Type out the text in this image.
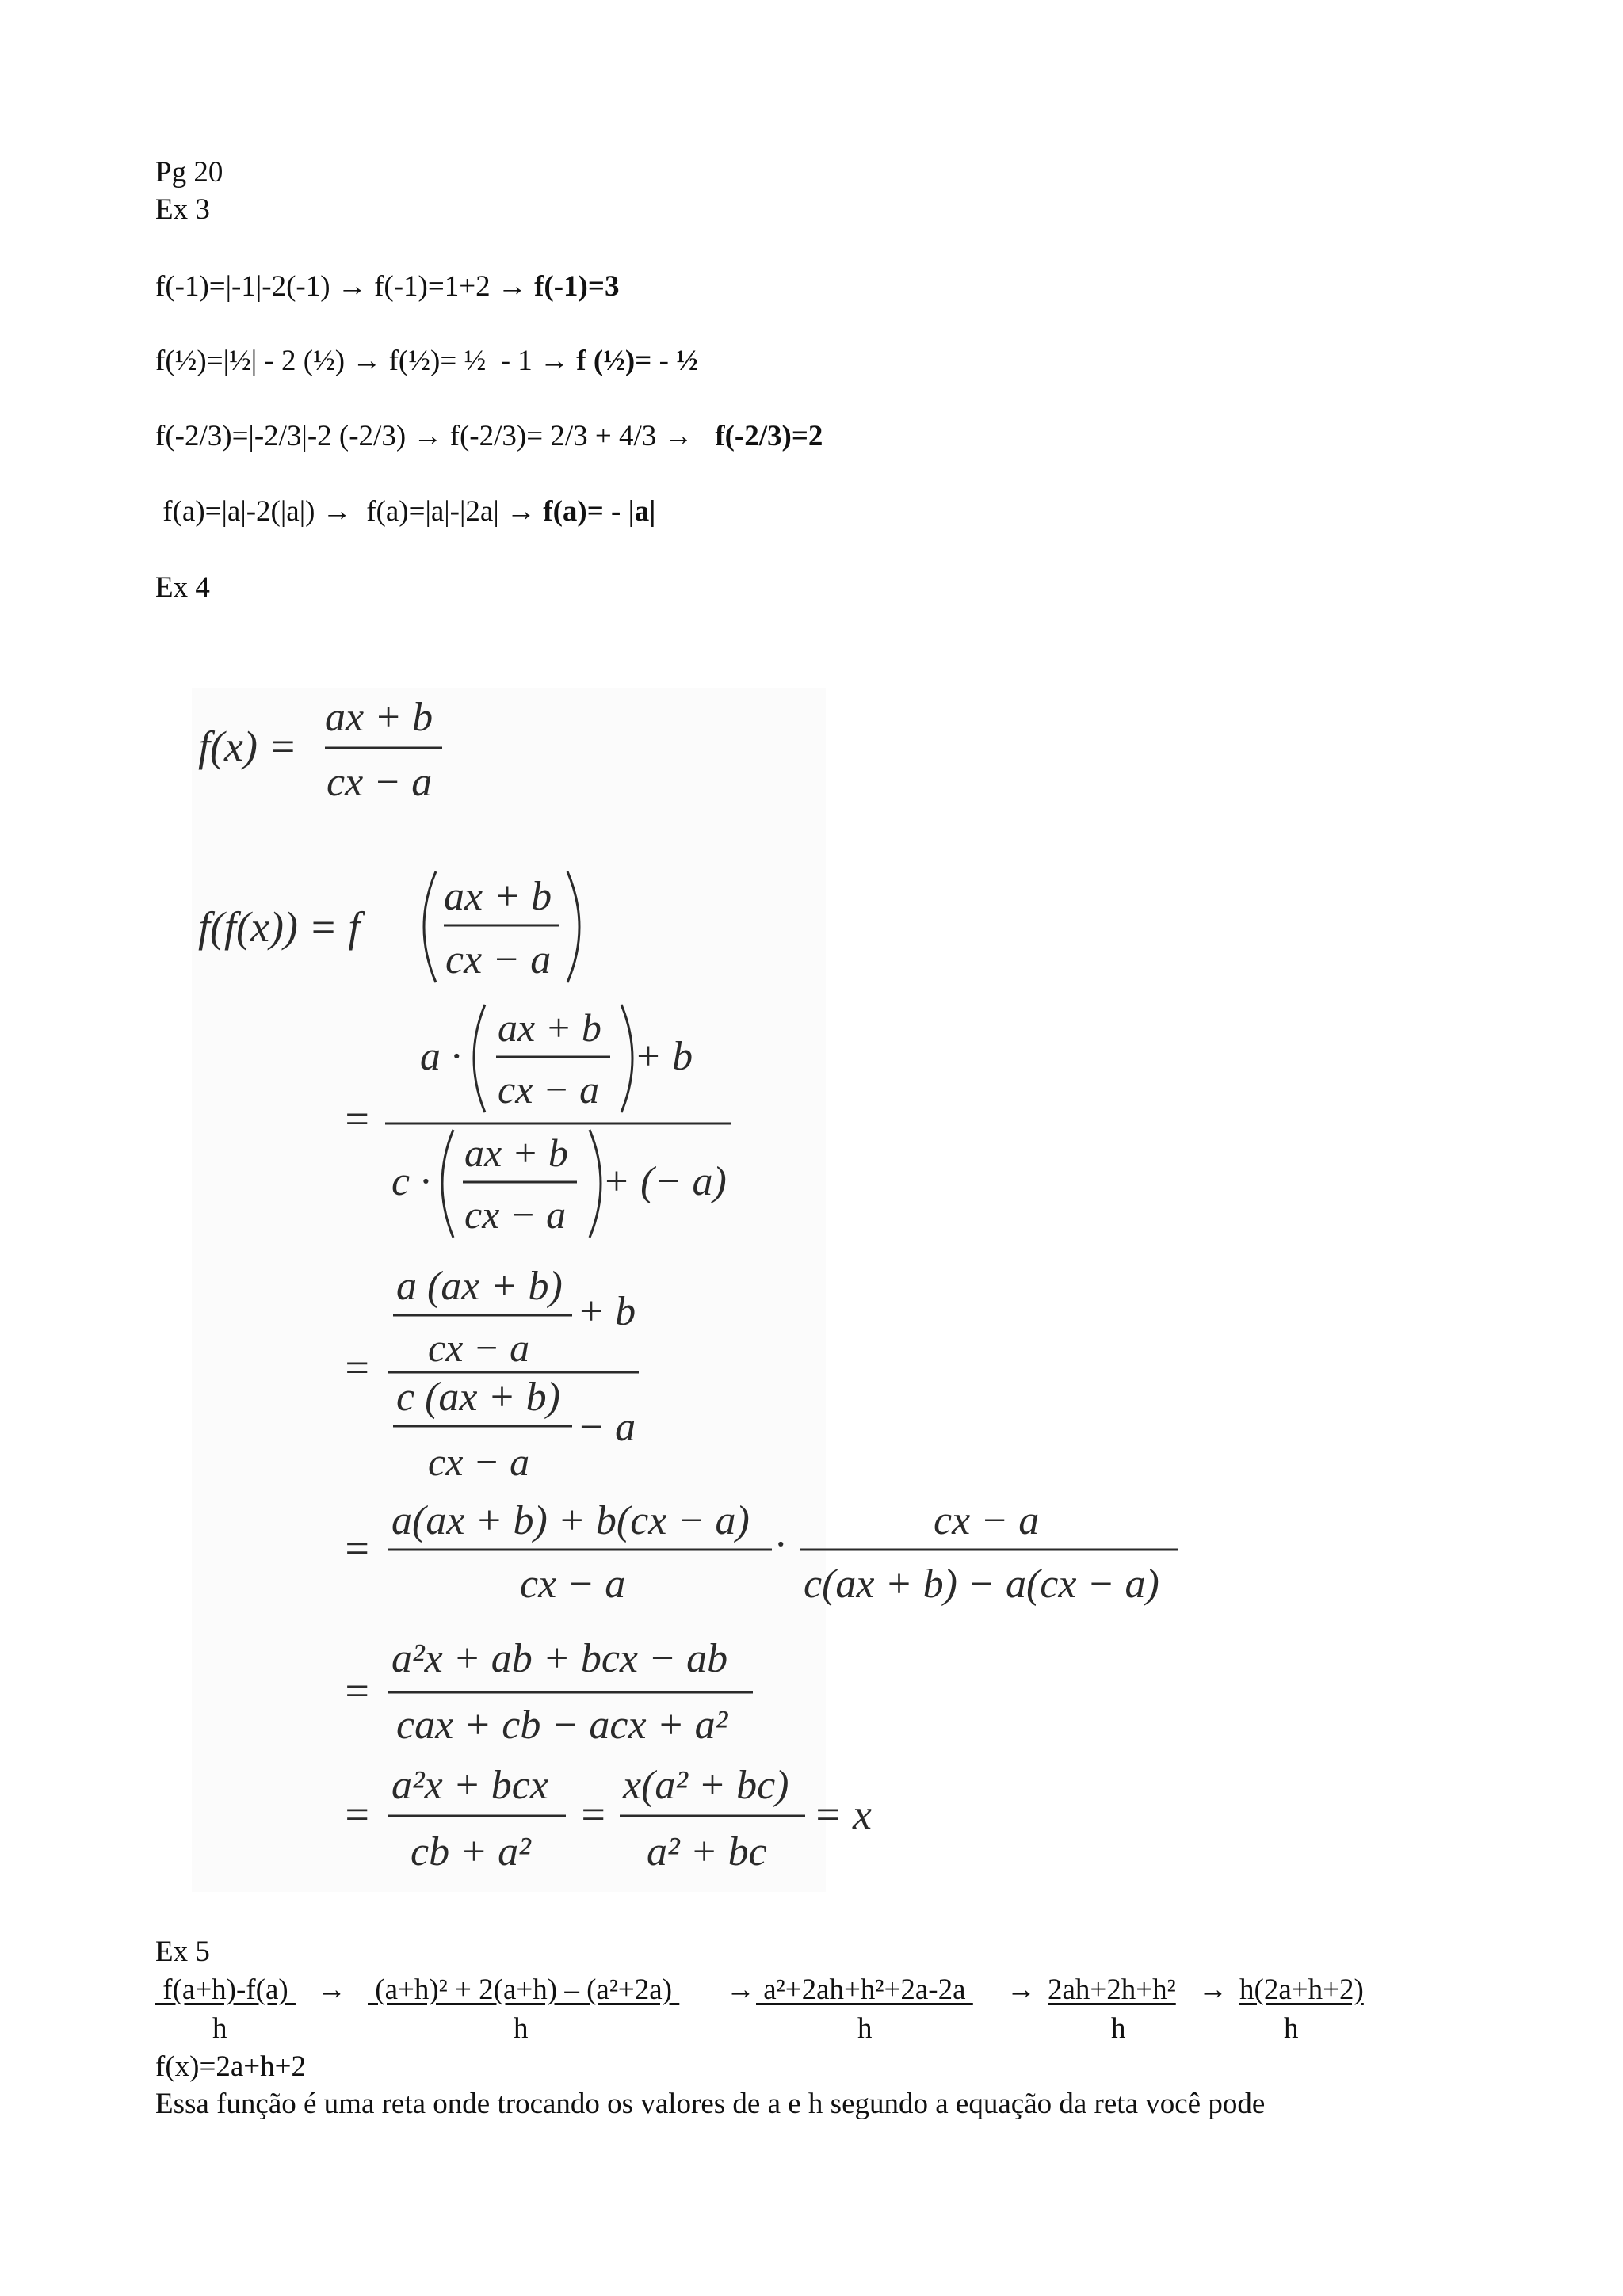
Pg 20
Ex 3
f(-1)=|-1|-2(-1) → f(-1)=1+2 → f(-1)=3
f(½)=|½| - 2 (½) → f(½)= ½  - 1 → f (½)= - ½
f(-2/3)=|-2/3|-2 (-2/3) → f(-2/3)= 2/3 + 4/3 →   f(-2/3)=2
f(a)=|a|-2(|a|) →  f(a)=|a|-|2a| → f(a)= - |a|
Ex 4
f(x) =
ax + b
cx − a
f(f(x)) = f
ax + b
cx − a
=
a ·
ax + b
cx − a
+ b
c ·
ax + b
cx − a
+ (− a)
=
a (ax + b)
cx − a
+ b
c (ax + b)
cx − a
− a
=
a(ax + b) + b(cx − a)
cx − a
·
cx − a
c(ax + b) − a(cx − a)
=
a²x + ab + bcx − ab
cax + cb − acx + a²
=
a²x + bcx
cb + a²
=
x(a² + bc)
a² + bc
= x
Ex 5
f(a+h)-f(a) → (a+h)² + 2(a+h) – (a²+2a) → a²+2ah+h²+2a-2a → 2ah+2h+h² → h(2a+h+2)
h	h	h	h	h
f(x)=2a+h+2
Essa função é uma reta onde trocando os valores de a e h segundo a equação da reta você pode
